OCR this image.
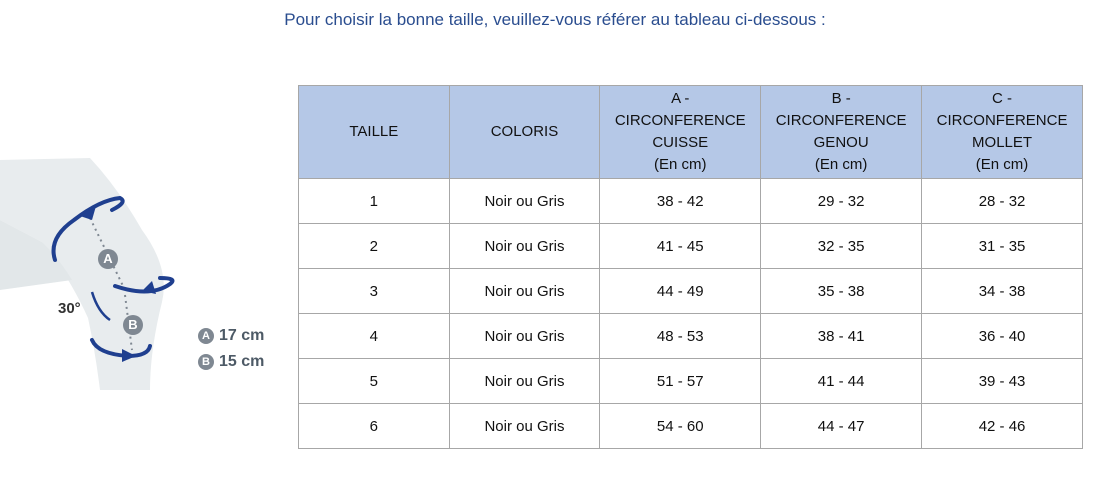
Pour choisir la bonne taille, veuillez-vous référer au tableau ci-dessous :
A
B
30°
A 17 cm
B 15 cm
TAILLE	COLORIS	A -
CIRCONFERENCE
CUISSE
(En cm)	B -
CIRCONFERENCE
GENOU
(En cm)	C -
CIRCONFERENCE
MOLLET
(En cm)

1	Noir ou Gris	38 - 42	29 - 32	28 - 32
2	Noir ou Gris	41 - 45	32 - 35	31 - 35
3	Noir ou Gris	44 - 49	35 - 38	34 - 38
4	Noir ou Gris	48 - 53	38 - 41	36 - 40
5	Noir ou Gris	51 - 57	41 - 44	39 - 43
6	Noir ou Gris	54 - 60	44 - 47	42 - 46
